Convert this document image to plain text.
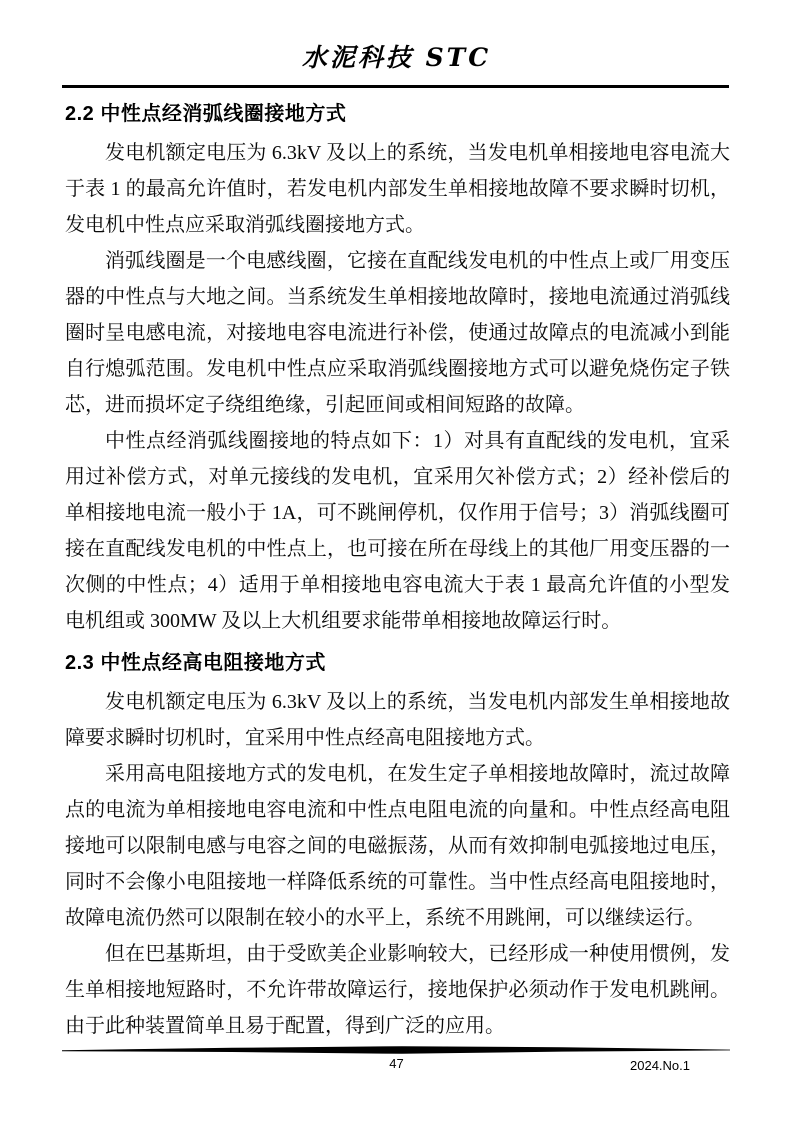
水泥科技 STC
2.2 中性点经消弧线圈接地方式

发电机额定电压为 6.3kV 及以上的系统，当发电机单相接地电容电流大于表 1 的最高允许值时，若发电机内部发生单相接地故障不要求瞬时切机，发电机中性点应采取消弧线圈接地方式。

消弧线圈是一个电感线圈，它接在直配线发电机的中性点上或厂用变压器的中性点与大地之间。当系统发生单相接地故障时，接地电流通过消弧线圈时呈电感电流，对接地电容电流进行补偿，使通过故障点的电流减小到能自行熄弧范围。发电机中性点应采取消弧线圈接地方式可以避免烧伤定子铁芯，进而损坏定子绕组绝缘，引起匝间或相间短路的故障。

中性点经消弧线圈接地的特点如下：1）对具有直配线的发电机，宜采用过补偿方式，对单元接线的发电机，宜采用欠补偿方式；2）经补偿后的单相接地电流一般小于 1A，可不跳闸停机，仅作用于信号；3）消弧线圈可接在直配线发电机的中性点上，也可接在所在母线上的其他厂用变压器的一次侧的中性点；4）适用于单相接地电容电流大于表 1 最高允许值的小型发电机组或 300MW 及以上大机组要求能带单相接地故障运行时。

2.3 中性点经高电阻接地方式

发电机额定电压为 6.3kV 及以上的系统，当发电机内部发生单相接地故障要求瞬时切机时，宜采用中性点经高电阻接地方式。

采用高电阻接地方式的发电机，在发生定子单相接地故障时，流过故障点的电流为单相接地电容电流和中性点电阻电流的向量和。中性点经高电阻接地可以限制电感与电容之间的电磁振荡，从而有效抑制电弧接地过电压，同时不会像小电阻接地一样降低系统的可靠性。当中性点经高电阻接地时，故障电流仍然可以限制在较小的水平上，系统不用跳闸，可以继续运行。

但在巴基斯坦，由于受欧美企业影响较大，已经形成一种使用惯例，发生单相接地短路时，不允许带故障运行，接地保护必须动作于发电机跳闸。由于此种装置简单且易于配置，得到广泛的应用。

47	2024.No.1
